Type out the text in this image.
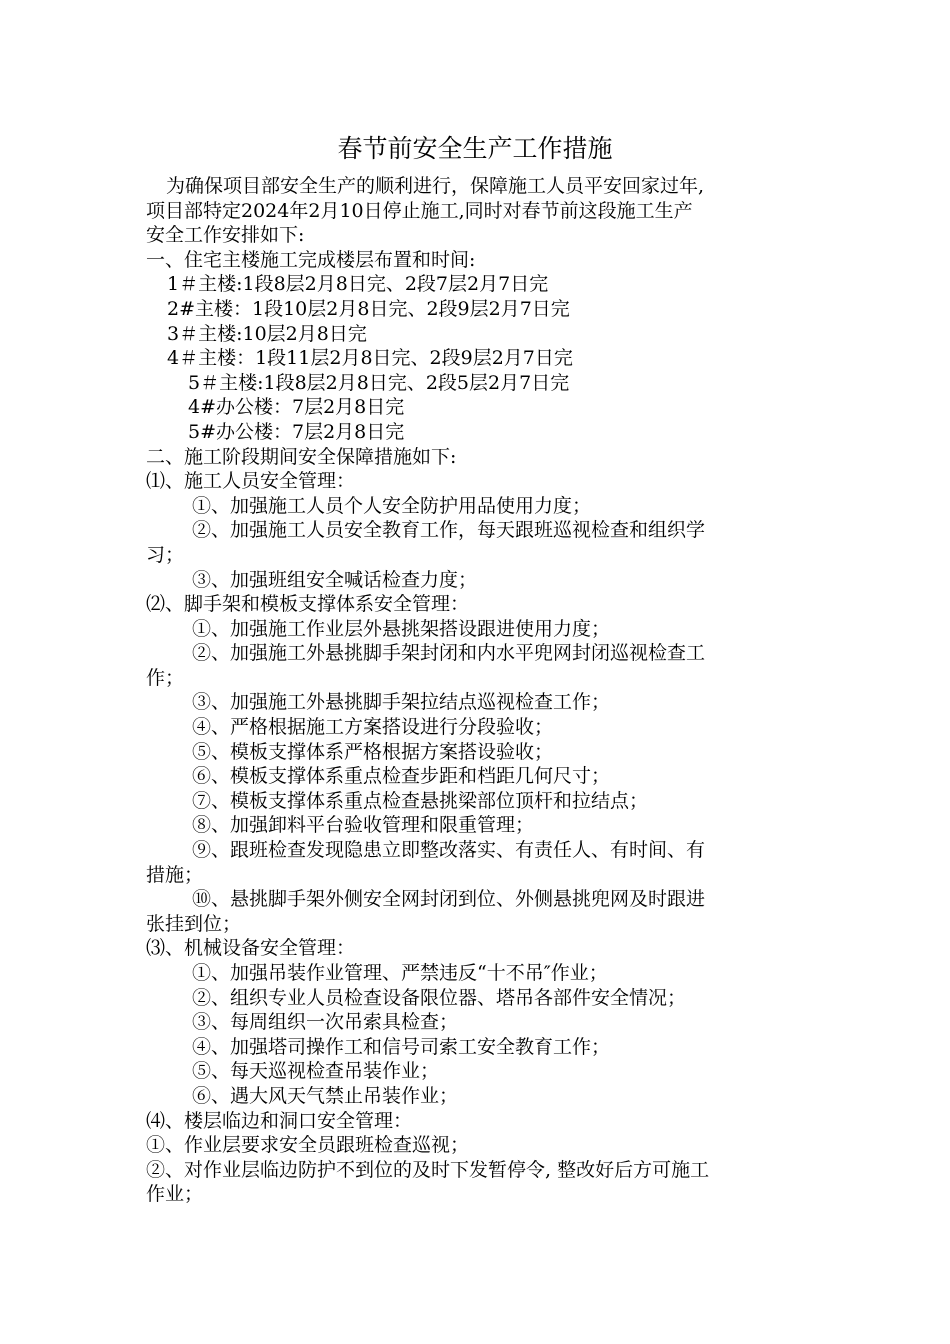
春节前安全生产工作措施
为确保项目部安全生产的顺利进行，保障施工人员平安回家过年,
项目部特定2024年2月10日停止施工,同时对春节前这段施工生产
安全工作安排如下:
一、住宅主楼施工完成楼层布置和时间:
1＃主楼:1段8层2月8日完、2段7层2月7日完
2#主楼：1段10层2月8日完、2段9层2月7日完
3＃主楼:10层2月8日完
4＃主楼：1段11层2月8日完、2段9层2月7日完
5＃主楼:1段8层2月8日完、2段5层2月7日完
4#办公楼：7层2月8日完
5#办公楼：7层2月8日完
二、施工阶段期间安全保障措施如下:
⑴、施工人员安全管理：
①、加强施工人员个人安全防护用品使用力度；
②、加强施工人员安全教育工作，每天跟班巡视检查和组织学
习；
③、加强班组安全喊话检查力度；
⑵、脚手架和模板支撑体系安全管理：
①、加强施工作业层外悬挑架搭设跟进使用力度；
②、加强施工外悬挑脚手架封闭和内水平兜网封闭巡视检查工
作；
③、加强施工外悬挑脚手架拉结点巡视检查工作；
④、严格根据施工方案搭设进行分段验收；
⑤、模板支撑体系严格根据方案搭设验收；
⑥、模板支撑体系重点检查步距和档距几何尺寸；
⑦、模板支撑体系重点检查悬挑梁部位顶杆和拉结点；
⑧、加强卸料平台验收管理和限重管理；
⑨、跟班检查发现隐患立即整改落实、有责任人、有时间、有
措施；
⑩、悬挑脚手架外侧安全网封闭到位、外侧悬挑兜网及时跟进
张挂到位；
⑶、机械设备安全管理：
①、加强吊装作业管理、严禁违反“十不吊″作业；
②、组织专业人员检查设备限位器、塔吊各部件安全情况；
③、每周组织一次吊索具检查；
④、加强塔司操作工和信号司索工安全教育工作；
⑤、每天巡视检查吊装作业；
⑥、遇大风天气禁止吊装作业；
⑷、楼层临边和洞口安全管理：
①、作业层要求安全员跟班检查巡视；
②、对作业层临边防护不到位的及时下发暂停令, 整改好后方可施工
作业；
